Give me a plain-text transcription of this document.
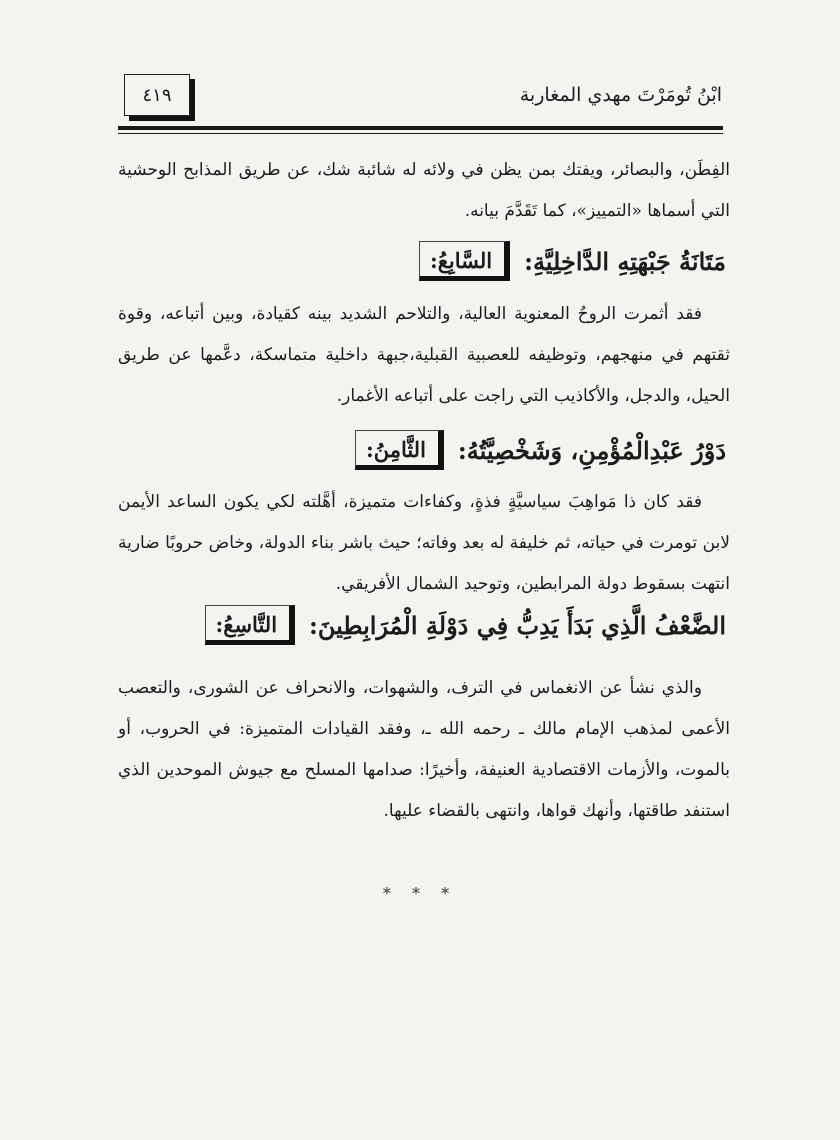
ابْنُ تُومَرْتَ مهدي المغاربة
٤١٩

الفِطَن، والبصائر، ويفتك بمن يظن في ولائه له شائبة شك، عن طريق المذابح الوحشية التي أسماها «التمييز»، كما تَقَدَّمَ بيانه.

السَّابِعُ: مَتَانَةُ جَبْهَتِهِ الدَّاخِلِيَّةِ:

فقد أثمرت الروحُ المعنوية العالية، والتلاحم الشديد بينه كقيادة، وبين أتباعه، وقوة ثقتهم في منهجهم، وتوظيفه للعصبية القبلية،جبهة داخلية متماسكة، دعَّمها عن طريق الحيل، والدجل، والأكاذيب التي راجت على أتباعه الأغمار.

الثَّامِنُ: دَوْرُ عَبْدِالْمُؤْمِنِ، وَشَخْصِيَّتُهُ:

فقد كان ذا مَواهِبَ سياسيَّةٍ فذةٍ، وكفاءات متميزة، أهَّلته لكي يكون الساعد الأيمن لابن تومرت في حياته، ثم خليفة له بعد وفاته؛ حيث باشر بناء الدولة، وخاض حروبًا ضارية انتهت بسقوط دولة المرابطين، وتوحيد الشمال الأفريقي.

التَّاسِعُ: الضَّعْفُ الَّذِي بَدَأَ يَدِبُّ فِي دَوْلَةِ الْمُرَابِطِينَ:

والذي نشأ عن الانغماس في الترف، والشهوات، والانحراف عن الشورى، والتعصب الأعمى لمذهب الإمام مالك ـ رحمه الله ـ، وفقد القيادات المتميزة: في الحروب، أو بالموت، والأزمات الاقتصادية العنيفة، وأخيرًا: صدامها المسلح مع جيوش الموحدين الذي استنفد طاقتها، وأنهك قواها، وانتهى بالقضاء عليها.

* * *
